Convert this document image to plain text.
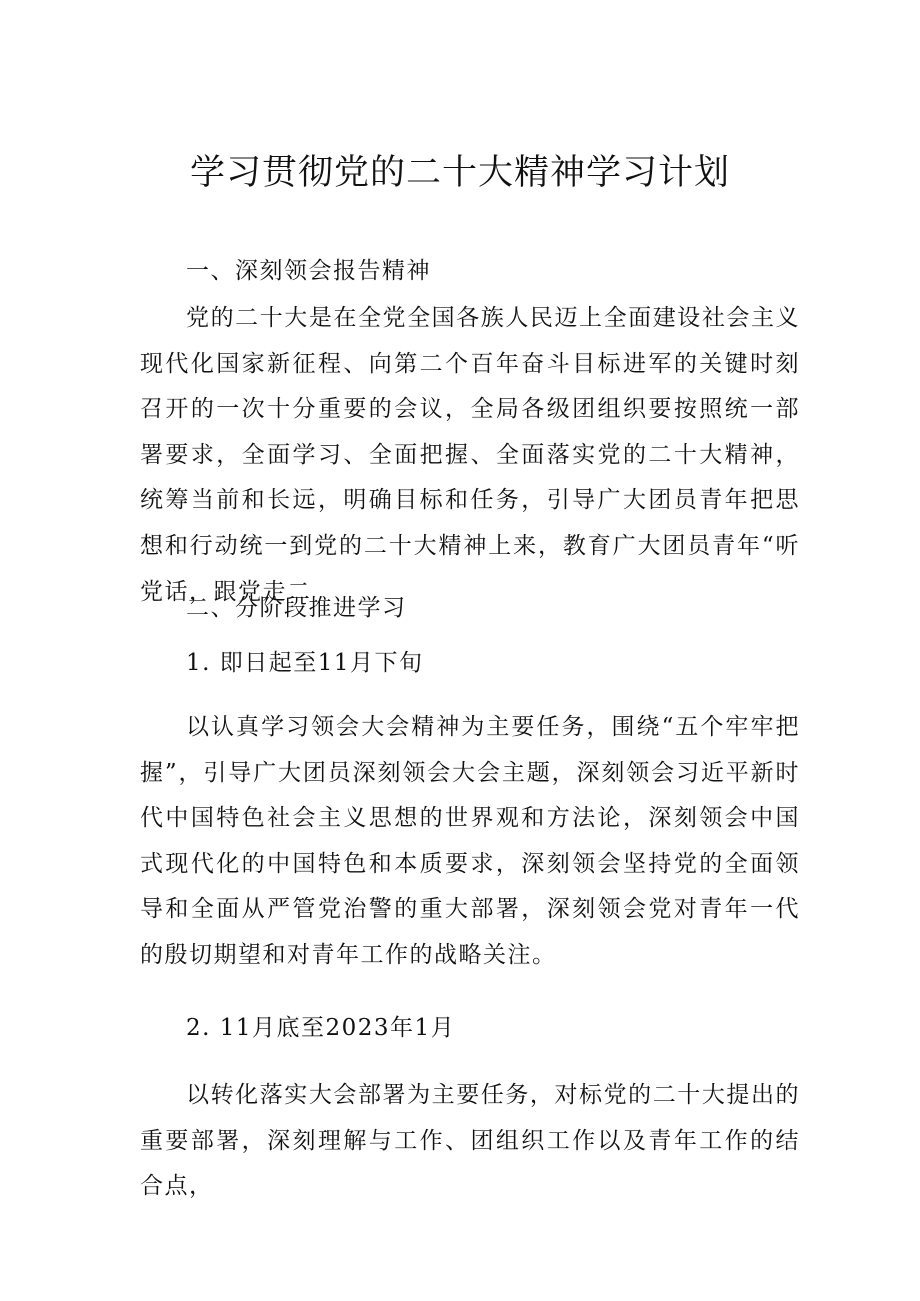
学习贯彻党的二十大精神学习计划

一、深刻领会报告精神

党的二十大是在全党全国各族人民迈上全面建设社会主义现代化国家新征程、向第二个百年奋斗目标进军的关键时刻召开的一次十分重要的会议，全局各级团组织要按照统一部署要求，全面学习、全面把握、全面落实党的二十大精神，统筹当前和长远，明确目标和任务，引导广大团员青年把思想和行动统一到党的二十大精神上来，教育广大团员青年“听党话，跟党走二

二、分阶段推进学习

1. 即日起至11月下旬

以认真学习领会大会精神为主要任务，围绕“五个牢牢把握”，引导广大团员深刻领会大会主题，深刻领会习近平新时代中国特色社会主义思想的世界观和方法论，深刻领会中国式现代化的中国特色和本质要求，深刻领会坚持党的全面领导和全面从严管党治警的重大部署，深刻领会党对青年一代的殷切期望和对青年工作的战略关注。

2. 11月底至2023年1月

以转化落实大会部署为主要任务，对标党的二十大提出的重要部署，深刻理解与工作、团组织工作以及青年工作的结合点，
